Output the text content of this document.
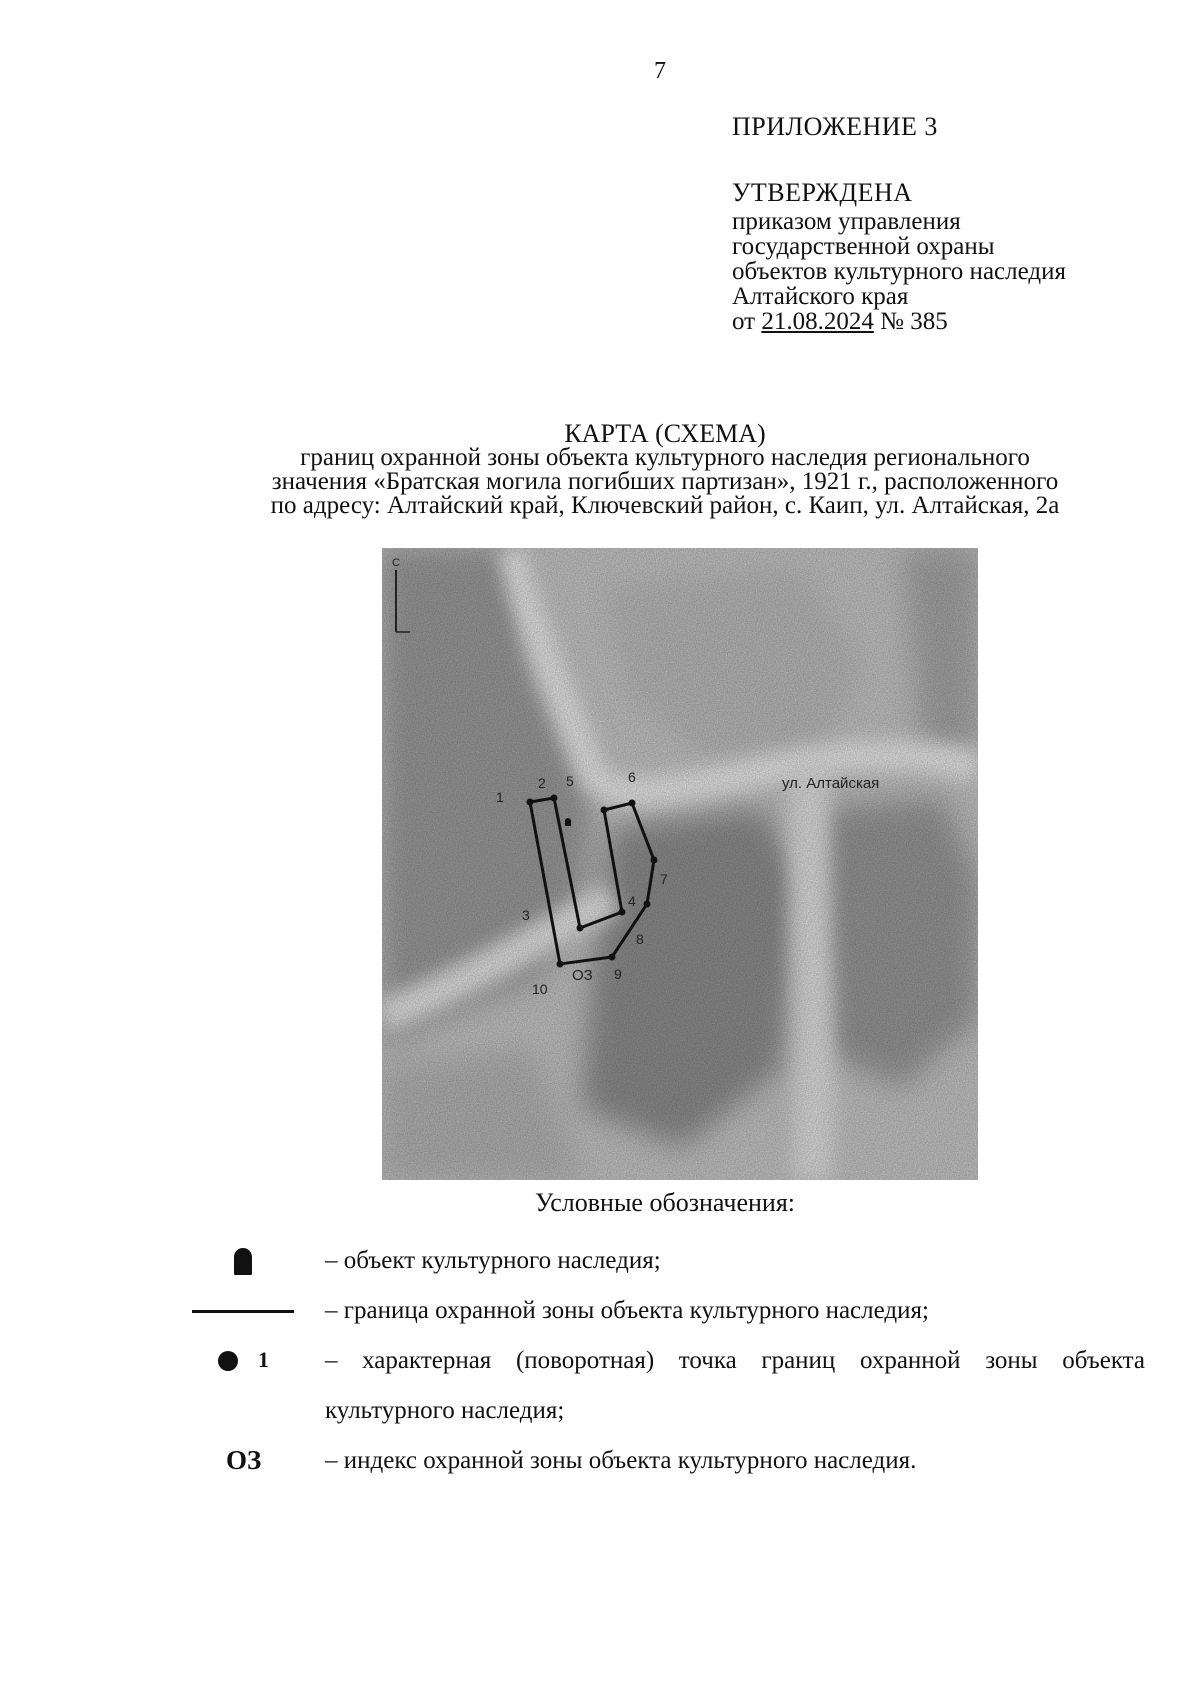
7
ПРИЛОЖЕНИЕ 3
УТВЕРЖДЕНА
приказом управления
государственной охраны
объектов культурного наследия
Алтайского края
от 21.08.2024 № 385
КАРТА (СХЕМА)
границ охранной зоны объекта культурного наследия регионального
значения «Братская могила погибших партизан», 1921 г., расположенного
по адресу: Алтайский край, Ключевский район, с. Каип, ул. Алтайская, 2а
С
1
2
3
4
5	6
7
8
9
10
ОЗ
ул. Алтайская
Условные обозначения:
– объект культурного наследия;
– граница охранной зоны объекта культурного наследия;
1 – характерная (поворотная) точка границ охранной зоны объекта
культурного наследия;
ОЗ	– индекс охранной зоны объекта культурного наследия.
